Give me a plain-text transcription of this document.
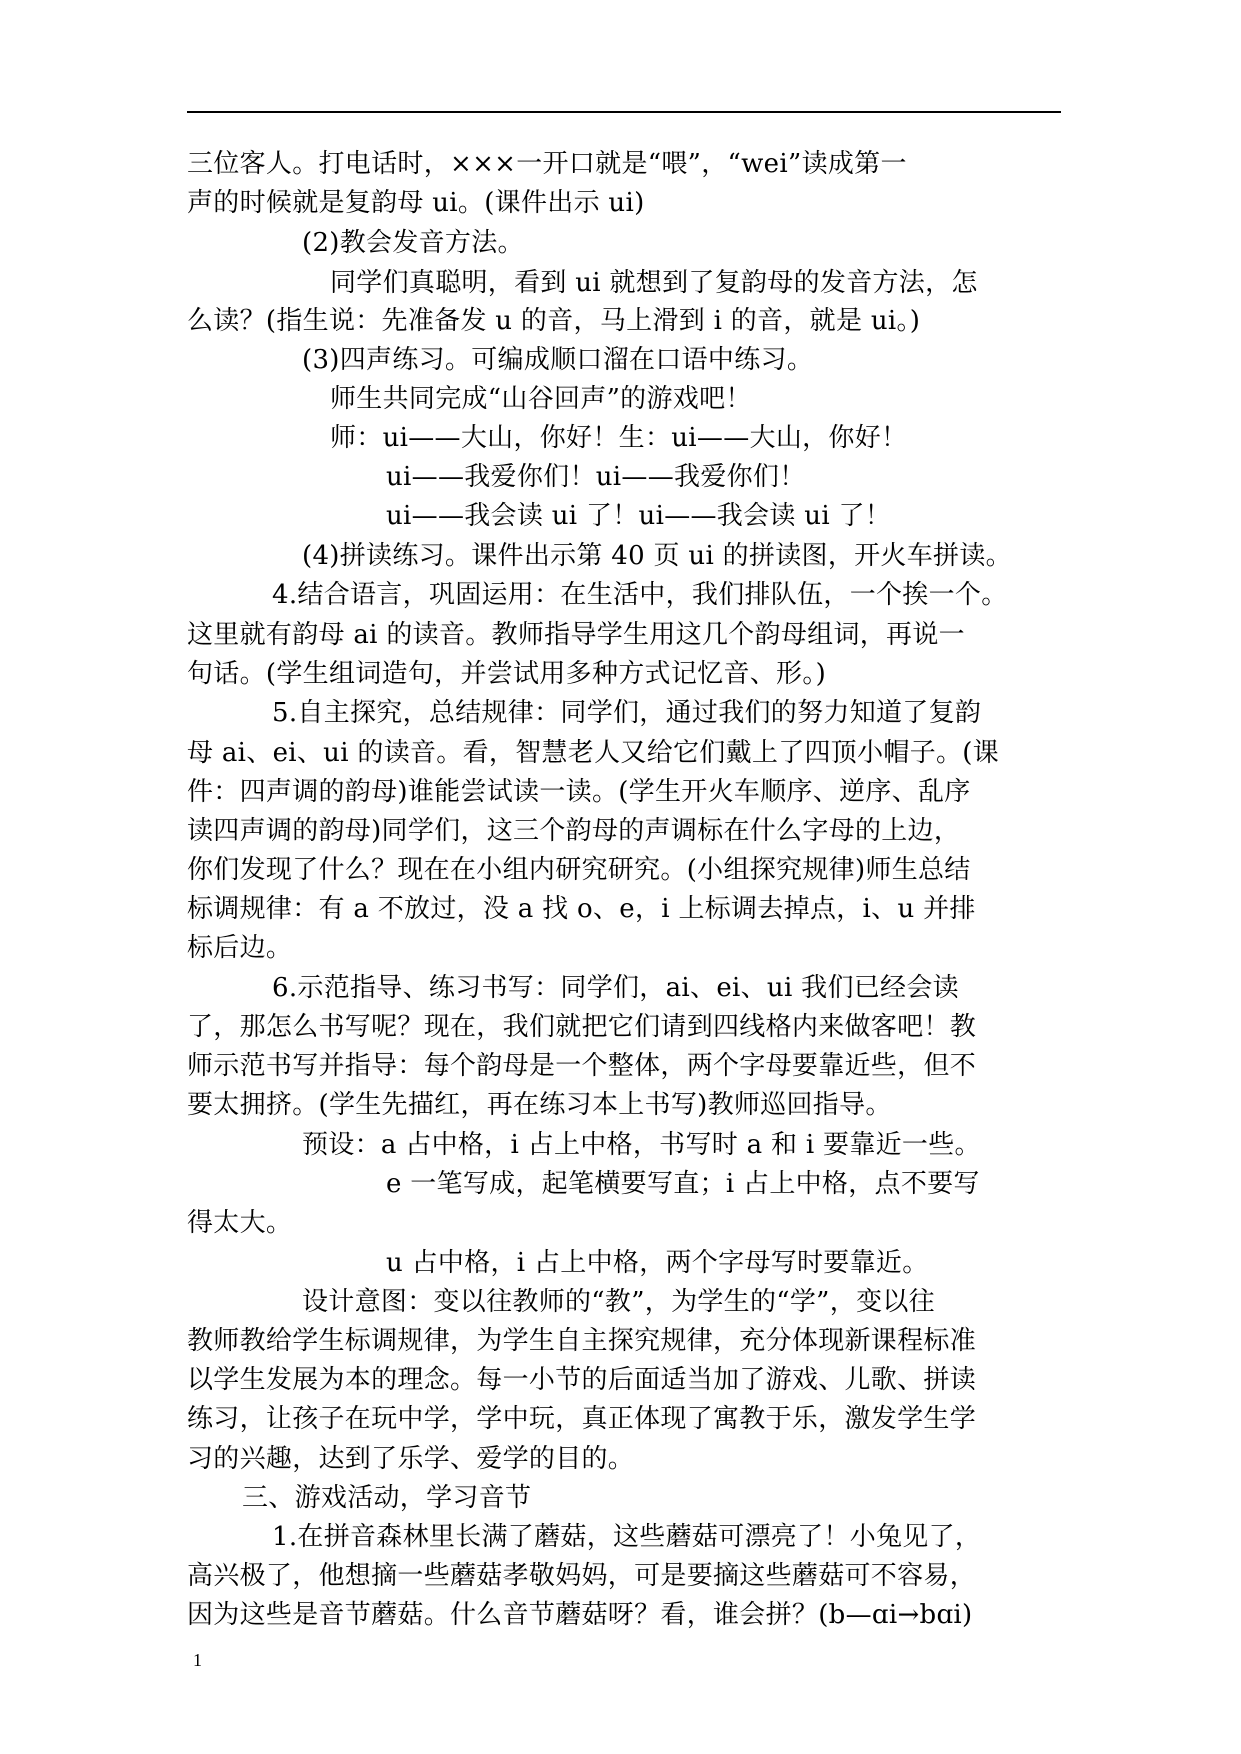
三位客人。打电话时，×××一开口就是“喂”，“wei”读成第一
声的时候就是复韵母 ui。(课件出示 ui)
(2)教会发音方法。
同学们真聪明，看到 ui 就想到了复韵母的发音方法，怎
么读？(指生说：先准备发 u 的音，马上滑到 i 的音，就是 ui。)
(3)四声练习。可编成顺口溜在口语中练习。
师生共同完成“山谷回声”的游戏吧！
师：ui——大山，你好！生：ui——大山，你好！
ui——我爱你们！ui——我爱你们！
ui——我会读 ui 了！ui——我会读 ui 了！
(4)拼读练习。课件出示第 40 页 ui 的拼读图，开火车拼读。
4.结合语言，巩固运用：在生活中，我们排队伍，一个挨一个。
这里就有韵母 ai 的读音。教师指导学生用这几个韵母组词，再说一
句话。(学生组词造句，并尝试用多种方式记忆音、形。)
5.自主探究，总结规律：同学们，通过我们的努力知道了复韵
母 ai、ei、ui 的读音。看，智慧老人又给它们戴上了四顶小帽子。(课
件：四声调的韵母)谁能尝试读一读。(学生开火车顺序、逆序、乱序
读四声调的韵母)同学们，这三个韵母的声调标在什么字母的上边，
你们发现了什么？现在在小组内研究研究。(小组探究规律)师生总结
标调规律：有 a 不放过，没 a 找 o、e，i 上标调去掉点，i、u 并排
标后边。
6.示范指导、练习书写：同学们，ai、ei、ui 我们已经会读
了，那怎么书写呢？现在，我们就把它们请到四线格内来做客吧！教
师示范书写并指导：每个韵母是一个整体，两个字母要靠近些，但不
要太拥挤。(学生先描红，再在练习本上书写)教师巡回指导。
预设：a 占中格，i 占上中格，书写时 a 和 i 要靠近一些。
e 一笔写成，起笔横要写直；i 占上中格，点不要写
得太大。
u 占中格，i 占上中格，两个字母写时要靠近。
设计意图：变以往教师的“教”，为学生的“学”，变以往
教师教给学生标调规律，为学生自主探究规律，充分体现新课程标准
以学生发展为本的理念。每一小节的后面适当加了游戏、儿歌、拼读
练习，让孩子在玩中学，学中玩，真正体现了寓教于乐，激发学生学
习的兴趣，达到了乐学、爱学的目的。
三、游戏活动，学习音节
1.在拼音森林里长满了蘑菇，这些蘑菇可漂亮了！小兔见了，
高兴极了，他想摘一些蘑菇孝敬妈妈，可是要摘这些蘑菇可不容易，
因为这些是音节蘑菇。什么音节蘑菇呀？看，谁会拼？(b—ɑi→bɑi)
1
